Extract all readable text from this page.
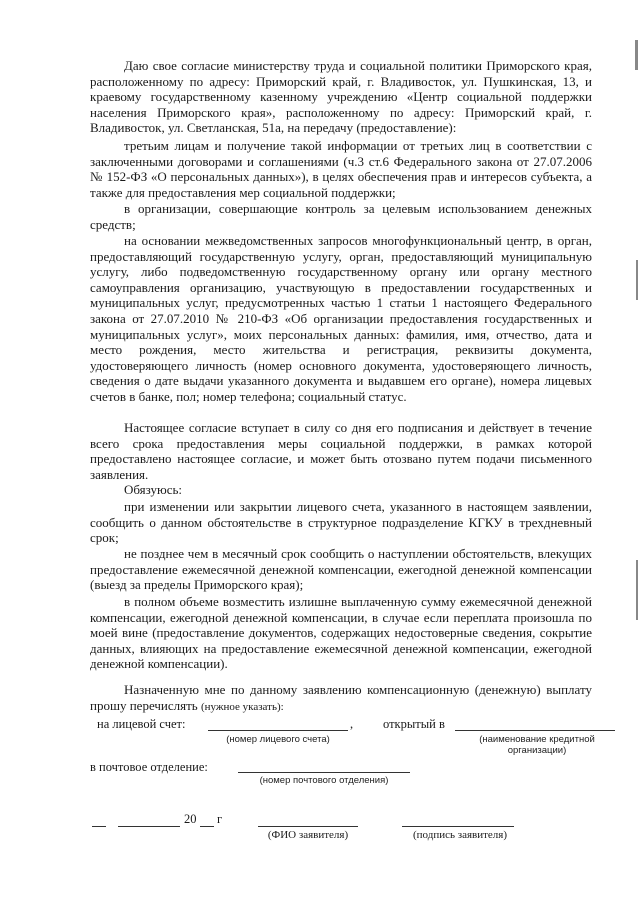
Даю свое согласие министерству труда и социальной политики Приморского края, расположенному по адресу: Приморский край, г. Владивосток, ул. Пушкинская, 13, и краевому государственному казенному учреждению «Центр социальной поддержки населения Приморского края», расположенному по адресу: Приморский край, г. Владивосток, ул. Светланская, 51а, на передачу (предоставление):

третьим лицам и получение такой информации от третьих лиц в соответствии с заключенными договорами и соглашениями (ч.3 ст.6 Федерального закона от 27.07.2006 № 152-ФЗ «О персональных данных»), в целях обеспечения прав и интересов субъекта, а также для предоставления мер социальной поддержки;

в организации, совершающие контроль за целевым использованием денежных средств;

на основании межведомственных запросов многофункциональный центр, в орган, предоставляющий государственную услугу, орган, предоставляющий муниципальную услугу, либо подведомственную государственному органу или органу местного самоуправления организацию, участвующую в предоставлении государственных и муниципальных услуг, предусмотренных частью 1 статьи 1 настоящего Федерального закона от 27.07.2010 № 210-ФЗ «Об организации предоставления государственных и муниципальных услуг», моих персональных данных: фамилия, имя, отчество, дата и место рождения, место жительства и регистрация, реквизиты документа, удостоверяющего личность (номер основного документа, удостоверяющего личность, сведения о дате выдачи указанного документа и выдавшем его органе), номера лицевых счетов в банке, пол; номер телефона; социальный статус.

Настоящее согласие вступает в силу со дня его подписания и действует в течение всего срока предоставления меры социальной поддержки, в рамках которой предоставлено настоящее согласие, и может быть отозвано путем подачи письменного заявления.

Обязуюсь:

при изменении или закрытии лицевого счета, указанного в настоящем заявлении, сообщить о данном обстоятельстве в структурное подразделение КГКУ в трехдневный срок;

не позднее чем в месячный срок сообщить о наступлении обстоятельств, влекущих предоставление ежемесячной денежной компенсации, ежегодной денежной компенсации (выезд за пределы Приморского края);

в полном объеме возместить излишне выплаченную сумму ежемесячной денежной компенсации, ежегодной денежной компенсации, в случае если переплата произошла по моей вине (предоставление документов, содержащих недостоверные сведения, сокрытие данных, влияющих на предоставление ежемесячной денежной компенсации, ежегодной денежной компенсации).

Назначенную мне по данному заявлению компенсационную (денежную) выплату прошу перечислять (нужное указать):

на лицевой счет:	,
(номер лицевого счета)
открытый в
(наименование кредитной организации)
в почтовое отделение:
(номер почтового отделения)
20 г
(ФИО заявителя)	(подпись заявителя)
